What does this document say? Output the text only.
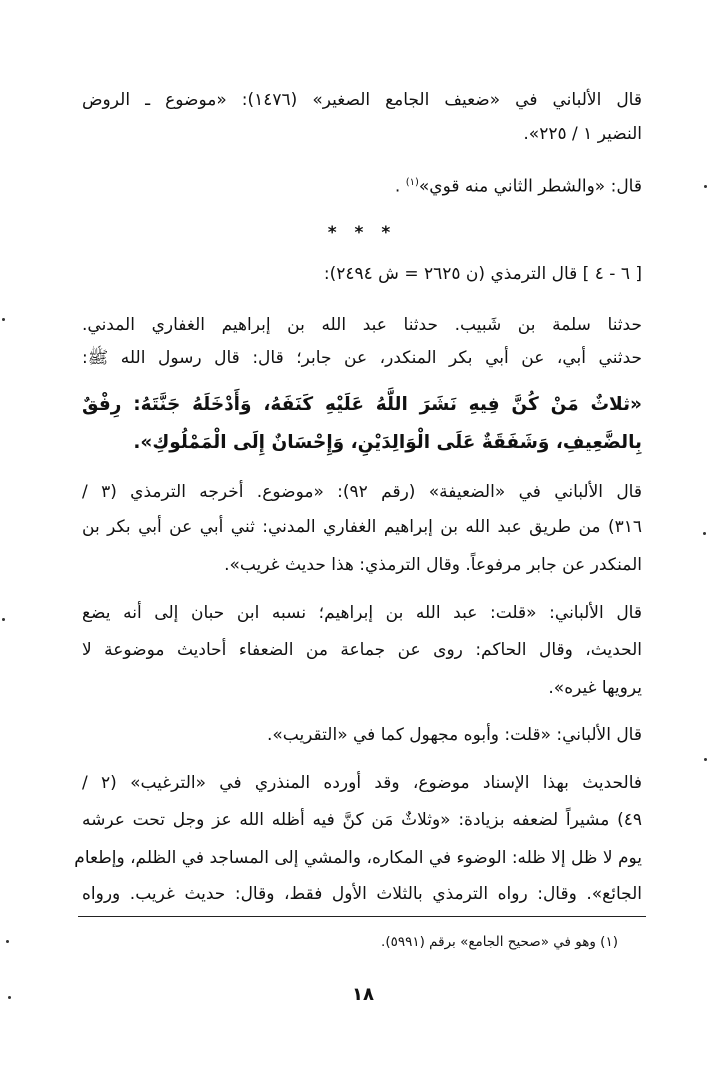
قال الألباني في «ضعيف الجامع الصغير» (١٤٧٦): «موضوع ـ الروض
النضير ١ / ٢٢٥».
قال: «والشطر الثاني منه قوي»$^{(١)}$ .
* * *
[ ٦ - ٤ ] قال الترمذي (ن ٢٦٢٥ = ش ٢٤٩٤):
حدثنا سلمة بن شَبيب. حدثنا عبد الله بن إبراهيم الغفاري المدني.
حدثني أبي، عن أبي بكر المنكدر، عن جابر؛ قال: قال رسول الله ﷺ:
«ثلاثٌ مَنْ كُنَّ فِيهِ نَشَرَ اللَّهُ عَلَيْهِ كَنَفَهُ، وَأَدْخَلَهُ جَنَّتَهُ: رِفْقٌ
بِالضَّعِيفِ، وَشَفَقَةٌ عَلَى الْوَالِدَيْنِ، وَإِحْسَانٌ إِلَى الْمَمْلُوكِ».
قال الألباني في «الضعيفة» (رقم ٩٢): «موضوع. أخرجه الترمذي (٣ /
٣١٦) من طريق عبد الله بن إبراهيم الغفاري المدني: ثني أبي عن أبي بكر بن
المنكدر عن جابر مرفوعاً. وقال الترمذي: هذا حديث غريب».
قال الألباني: «قلت: عبد الله بن إبراهيم؛ نسبه ابن حبان إلى أنه يضع
الحديث، وقال الحاكم: روى عن جماعة من الضعفاء أحاديث موضوعة لا
يرويها غيره».
قال الألباني: «قلت: وأبوه مجهول كما في «التقريب».
فالحديث بهذا الإسناد موضوع، وقد أورده المنذري في «الترغيب» (٢ /
٤٩) مشيراً لضعفه بزيادة: «وثلاثٌ مَن كنَّ فيه أظله الله عز وجل تحت عرشه
يوم لا ظل إلا ظله: الوضوء في المكاره، والمشي إلى المساجد في الظلم، وإطعام
الجائع». وقال: رواه الترمذي بالثلاث الأول فقط، وقال: حديث غريب. ورواه
(١) وهو في «صحيح الجامع» برقم (٥٩٩١).
١٨
